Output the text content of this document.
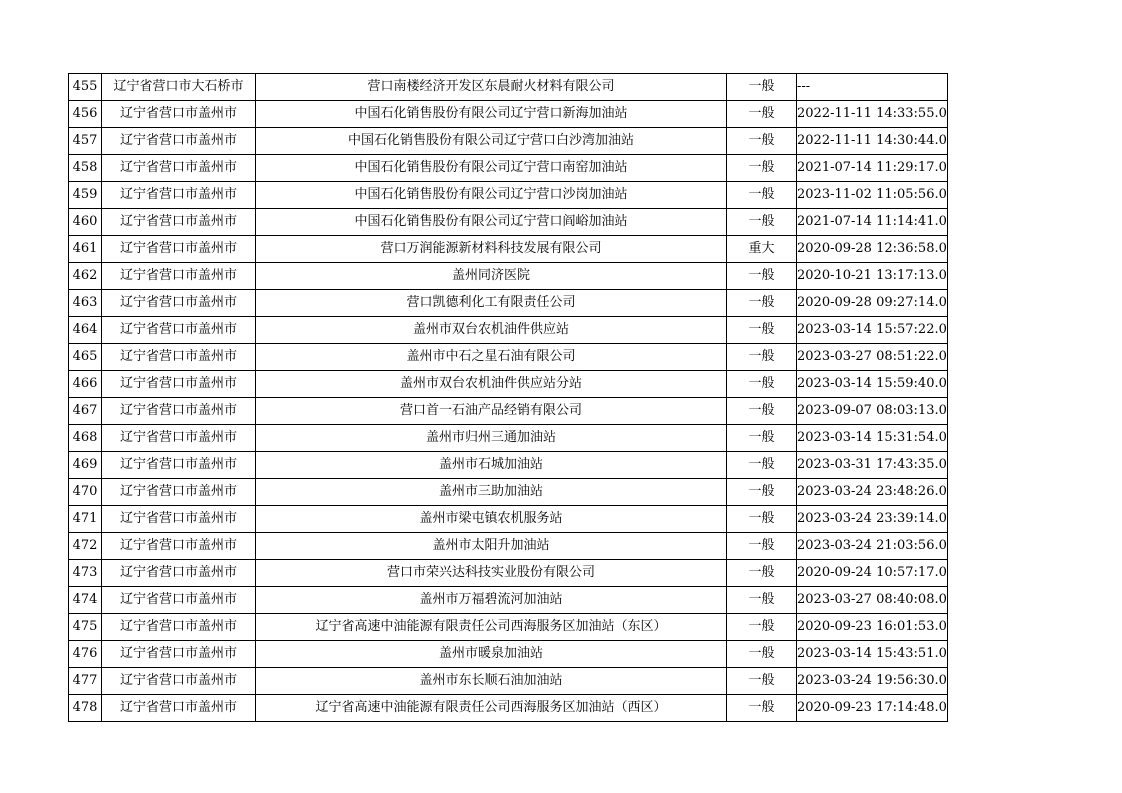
455	辽宁省营口市大石桥市	营口南楼经济开发区东晨耐火材料有限公司	一般	---
456	辽宁省营口市盖州市	中国石化销售股份有限公司辽宁营口新海加油站	一般	2022-11-11 14:33:55.0
457	辽宁省营口市盖州市	中国石化销售股份有限公司辽宁营口白沙湾加油站	一般	2022-11-11 14:30:44.0
458	辽宁省营口市盖州市	中国石化销售股份有限公司辽宁营口南窑加油站	一般	2021-07-14 11:29:17.0
459	辽宁省营口市盖州市	中国石化销售股份有限公司辽宁营口沙岗加油站	一般	2023-11-02 11:05:56.0
460	辽宁省营口市盖州市	中国石化销售股份有限公司辽宁营口阎峪加油站	一般	2021-07-14 11:14:41.0
461	辽宁省营口市盖州市	营口万润能源新材料科技发展有限公司	重大	2020-09-28 12:36:58.0
462	辽宁省营口市盖州市	盖州同济医院	一般	2020-10-21 13:17:13.0
463	辽宁省营口市盖州市	营口凯德利化工有限责任公司	一般	2020-09-28 09:27:14.0
464	辽宁省营口市盖州市	盖州市双台农机油件供应站	一般	2023-03-14 15:57:22.0
465	辽宁省营口市盖州市	盖州市中石之星石油有限公司	一般	2023-03-27 08:51:22.0
466	辽宁省营口市盖州市	盖州市双台农机油件供应站分站	一般	2023-03-14 15:59:40.0
467	辽宁省营口市盖州市	营口首一石油产品经销有限公司	一般	2023-09-07 08:03:13.0
468	辽宁省营口市盖州市	盖州市归州三通加油站	一般	2023-03-14 15:31:54.0
469	辽宁省营口市盖州市	盖州市石城加油站	一般	2023-03-31 17:43:35.0
470	辽宁省营口市盖州市	盖州市三助加油站	一般	2023-03-24 23:48:26.0
471	辽宁省营口市盖州市	盖州市梁屯镇农机服务站	一般	2023-03-24 23:39:14.0
472	辽宁省营口市盖州市	盖州市太阳升加油站	一般	2023-03-24 21:03:56.0
473	辽宁省营口市盖州市	营口市荣兴达科技实业股份有限公司	一般	2020-09-24 10:57:17.0
474	辽宁省营口市盖州市	盖州市万福碧流河加油站	一般	2023-03-27 08:40:08.0
475	辽宁省营口市盖州市	辽宁省高速中油能源有限责任公司西海服务区加油站（东区）	一般	2020-09-23 16:01:53.0
476	辽宁省营口市盖州市	盖州市暖泉加油站	一般	2023-03-14 15:43:51.0
477	辽宁省营口市盖州市	盖州市东长顺石油加油站	一般	2023-03-24 19:56:30.0
478	辽宁省营口市盖州市	辽宁省高速中油能源有限责任公司西海服务区加油站（西区）	一般	2020-09-23 17:14:48.0
